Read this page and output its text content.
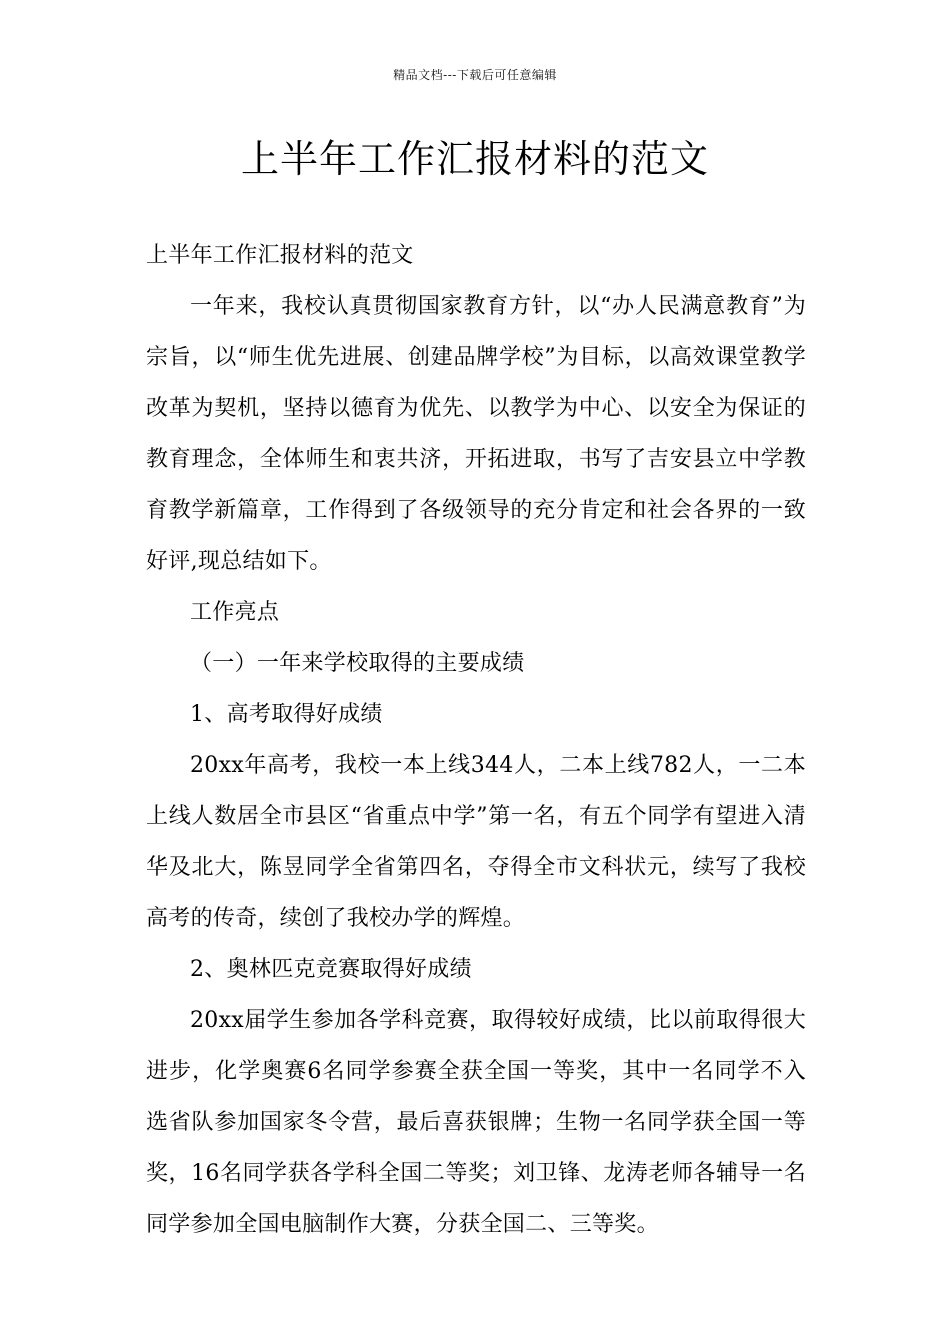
精品文档---下载后可任意编辑
上半年工作汇报材料的范文

上半年工作汇报材料的范文

一年来，我校认真贯彻国家教育方针，以“办人民满意教育”为宗旨，以“师生优先进展、创建品牌学校”为目标，以高效课堂教学改革为契机，坚持以德育为优先、以教学为中心、以安全为保证的教育理念，全体师生和衷共济，开拓进取，书写了吉安县立中学教育教学新篇章，工作得到了各级领导的充分肯定和社会各界的一致好评,现总结如下。

工作亮点

（一）一年来学校取得的主要成绩

1、高考取得好成绩

20xx年高考，我校一本上线344人，二本上线782人，一二本上线人数居全市县区“省重点中学”第一名，有五个同学有望进入清华及北大，陈昱同学全省第四名，夺得全市文科状元，续写了我校高考的传奇，续创了我校办学的辉煌。

2、奥林匹克竞赛取得好成绩

20xx届学生参加各学科竞赛，取得较好成绩，比以前取得很大进步，化学奥赛6名同学参赛全获全国一等奖，其中一名同学不入选省队参加国家冬令营，最后喜获银牌；生物一名同学获全国一等奖，16名同学获各学科全国二等奖；刘卫锋、龙涛老师各辅导一名同学参加全国电脑制作大赛，分获全国二、三等奖。
